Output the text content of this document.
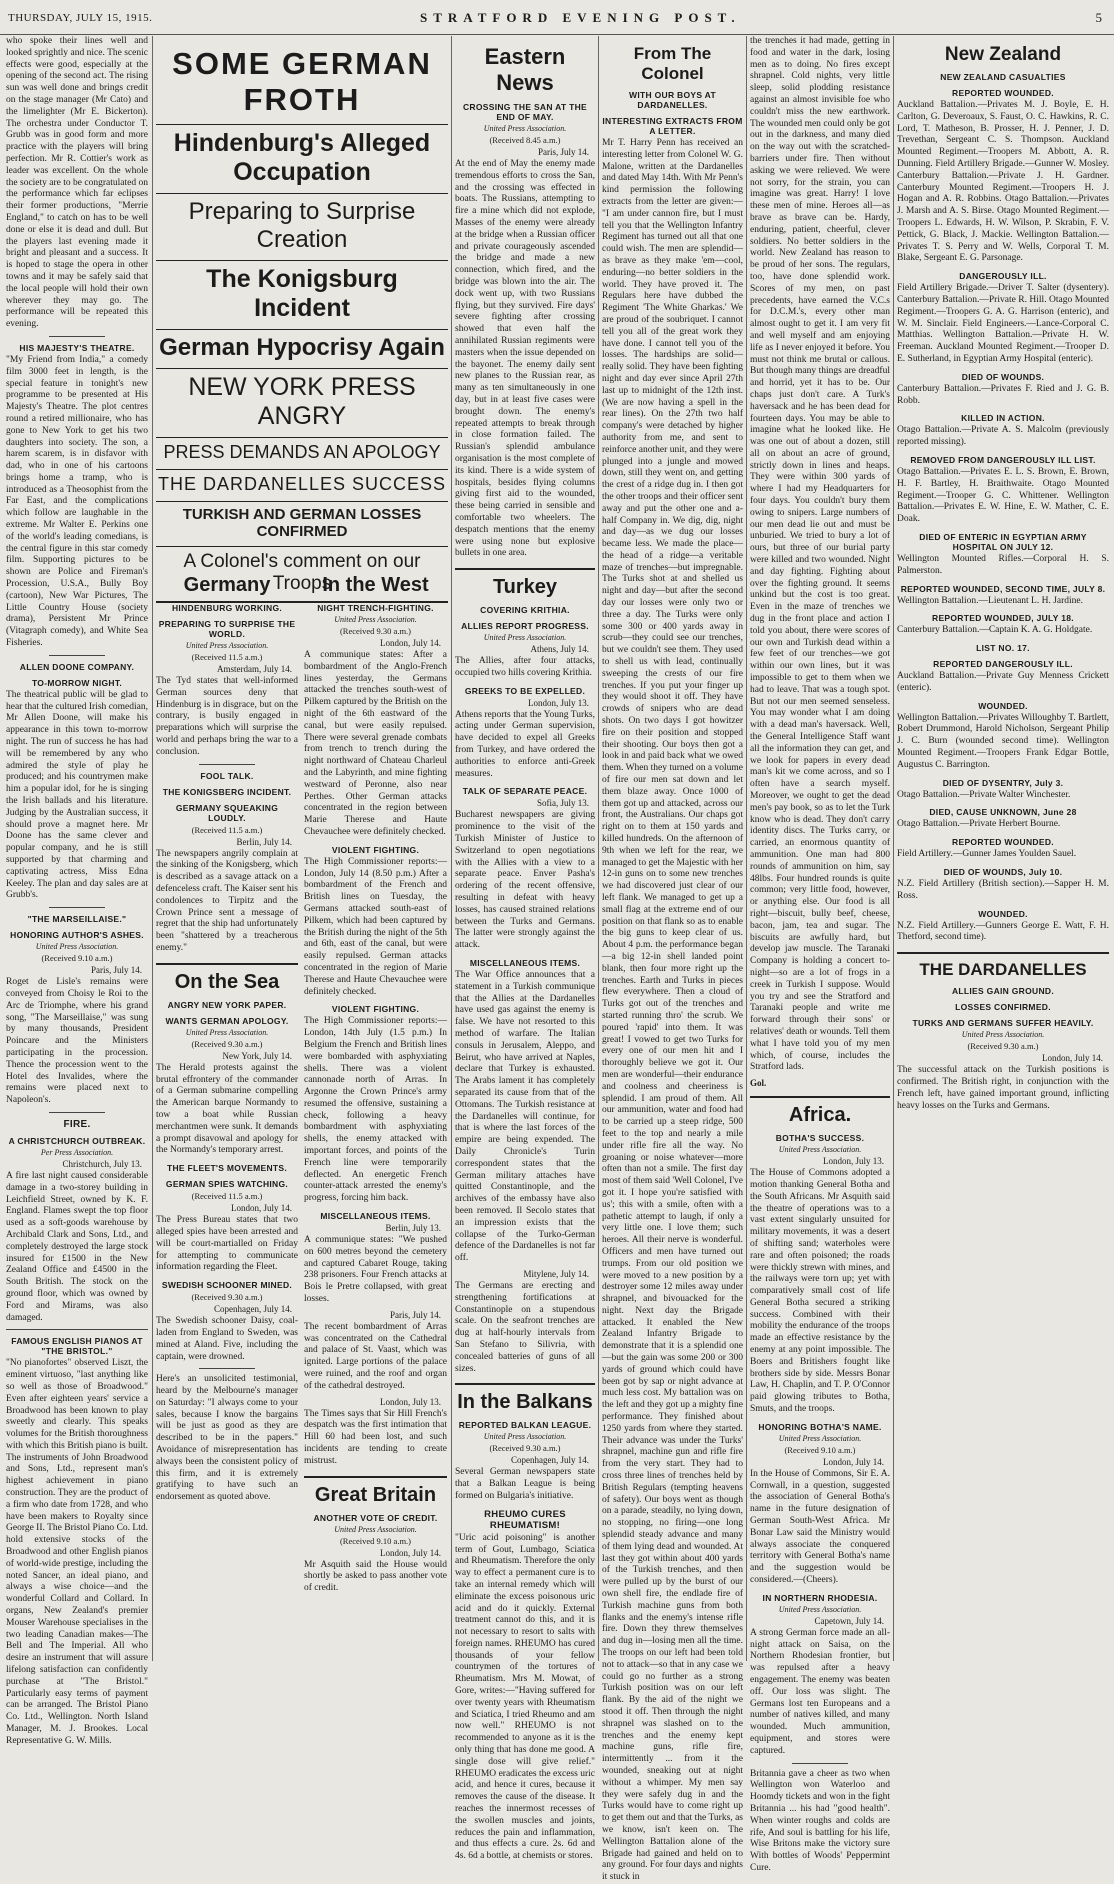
THURSDAY, JULY 15, 1915.	STRATFORD EVENING POST.	5

who spoke their lines well and looked sprightly and nice. The scenic effects were good, especially at the opening of the second act. The rising sun was well done and brings credit on the stage manager (Mr Cato) and the limelighter (Mr E. Bickerton). The orchestra under Conductor T. Grubb was in good form and more practice with the players will bring perfection. Mr R. Cottier's work as leader was excellent. On the whole the society are to be congratulated on the performance which far eclipses their former productions, "Merrie England," to catch on has to be well done or else it is dead and dull. But the players last evening made it bright and pleasant and a success. It is hoped to stage the opera in other towns and it may be safely said that the local people will hold their own wherever they may go. The performance will be repeated this evening.

HIS MAJESTY'S THEATRE.

"My Friend from India," a comedy film 3000 feet in length, is the special feature in tonight's new programme to be presented at His Majesty's Theatre. The plot centres round a retired millionaire, who has gone to New York to get his two daughters into society. The son, a harem scarem, is in disfavor with dad, who in one of his cartoons brings home a tramp, who is introduced as a Theosophist from the Far East, and the complications which follow are laughable in the extreme. Mr Walter E. Perkins one of the world's leading comedians, is the central figure in this star comedy film. Supporting pictures to be shown are Police and Fireman's Procession, U.S.A., Bully Boy (cartoon), New War Pictures, The Little Country House (society drama), Persistent Mr Prince (Vitagraph comedy), and White Sea Fisheries.

ALLEN DOONE COMPANY.
TO-MORROW NIGHT.

The theatrical public will be glad to hear that the cultured Irish comedian, Mr Allen Doone, will make his appearance in this town to-morrow night. The run of success he has had will be remembered by any who admired the style of play he produced; and his countrymen make him a popular idol, for he is singing the Irish ballads and his literature. Judging by the Australian success, it should prove a magnet here. Mr Doone has the same clever and popular company, and he is still supported by that charming and captivating actress, Miss Edna Keeley. The plan and day sales are at Grubb's.

"THE MARSEILLAISE."
HONORING AUTHOR'S ASHES.
United Press Association.
(Received 9.10 a.m.)
Paris, July 14.

Roget de Lisle's remains were conveyed from Choisy le Roi to the Arc de Triomphe, where his grand song, "The Marseillaise," was sung by many thousands, President Poincare and the Ministers participating in the procession. Thence the procession went to the Hotel des Invalides, where the remains were placed next to Napoleon's.

FIRE.
A CHRISTCHURCH OUTBREAK.
Per Press Association.
Christchurch, July 13.

A fire last night caused considerable damage in a two-storey building in Leichfield Street, owned by K. F. England. Flames swept the top floor used as a soft-goods warehouse by Archibald Clark and Sons, Ltd., and completely destroyed the large stock insured for £1500 in the New Zealand Office and £4500 in the South British. The stock on the ground floor, which was owned by Ford and Mirams, was also damaged.

FAMOUS ENGLISH PIANOS AT "THE BRISTOL."

"No pianofortes" observed Liszt, the eminent virtuoso, "last anything like so well as those of Broadwood." Even after eighteen years' service a Broadwood has been known to play sweetly and clearly. This speaks volumes for the British thoroughness with which this British piano is built. The instruments of John Broadwood and Sons, Ltd., represent man's highest achievement in piano construction. They are the product of a firm who date from 1728, and who have been makers to Royalty since George II. The Bristol Piano Co. Ltd. hold extensive stocks of the Broadwood and other English pianos of world-wide prestige, including the noted Sancer, an ideal piano, and always a wise choice—and the wonderful Collard and Collard. In organs, New Zealand's premier Mouser Warehouse specialises in the two leading Canadian makes—The Bell and The Imperial. All who desire an instrument that will assure lifelong satisfaction can confidently purchase at "The Bristol." Particularly easy terms of payment can be arranged. The Bristol Piano Co. Ltd., Wellington. North Island Manager, M. J. Brookes. Local Representative G. W. Mills.

SOME GERMAN FROTH
Hindenburg's Alleged Occupation
Preparing to Surprise Creation
The Konigsburg Incident
German Hypocrisy Again
NEW YORK PRESS ANGRY
PRESS DEMANDS AN APOLOGY
THE DARDANELLES SUCCESS
TURKISH AND GERMAN LOSSES CONFIRMED
A Colonel's comment on our Troops
Germany
HINDENBURG WORKING.
PREPARING TO SURPRISE THE WORLD.
United Press Association.
(Received 11.5 a.m.)
Amsterdam, July 14.

The Tyd states that well-informed German sources deny that Hindenburg is in disgrace, but on the contrary, is busily engaged in preparations which will surprise the world and perhaps bring the war to a conclusion.

FOOL TALK.
THE KONIGSBERG INCIDENT.
GERMANY SQUEAKING LOUDLY.
(Received 11.5 a.m.)
Berlin, July 14.

The newspapers angrily complain at the sinking of the Konigsberg, which is described as a savage attack on a defenceless craft. The Kaiser sent his condolences to Tirpitz and the Crown Prince sent a message of regret that the ship had unfortunately been "shattered by a treacherous enemy."

On the Sea
ANGRY NEW YORK PAPER.
WANTS GERMAN APOLOGY.
United Press Association.
(Received 9.30 a.m.)
New York, July 14.

The Herald protests against the brutal effrontery of the commander of a German submarine compelling the American barque Normandy to tow a boat while Russian merchantmen were sunk. It demands a prompt disavowal and apology for the Normandy's temporary arrest.

THE FLEET'S MOVEMENTS.
GERMAN SPIES WATCHING.
(Received 11.5 a.m.)
London, July 14.

The Press Bureau states that two alleged spies have been arrested and will be court-martialled on Friday for attempting to communicate information regarding the Fleet.

SWEDISH SCHOONER MINED.
(Received 9.30 a.m.)
Copenhagen, July 14.

The Swedish schooner Daisy, coal-laden from England to Sweden, was mined at Aland. Five, including the captain, were drowned.

Here's an unsolicited testimonial, heard by the Melbourne's manager on Saturday: "I always come to your sales, because I know the bargains will be just as good as they are described to be in the papers." Avoidance of misrepresentation has always been the consistent policy of this firm, and it is extremely gratifying to have such an endorsement as quoted above.

In the West
NIGHT TRENCH-FIGHTING.
United Press Association.
(Received 9.30 a.m.)
London, July 14.

A communique states: After a bombardment of the Anglo-French lines yesterday, the Germans attacked the trenches south-west of Pilkem captured by the British on the night of the 6th eastward of the canal, but were easily repulsed. There were several grenade combats from trench to trench during the night northward of Chateau Charleul and the Labyrinth, and mine fighting westward of Peronne, also near Perthes. Other German attacks concentrated in the region between Marie Therese and Haute Chevauchee were definitely checked.

VIOLENT FIGHTING.

The High Commissioner reports:— London, July 14 (8.50 p.m.) After a bombardment of the French and British lines on Tuesday, the Germans attacked south-east of Pilkem, which had been captured by the British during the night of the 5th and 6th, east of the canal, but were easily repulsed. German attacks concentrated in the region of Marie Therese and Haute Chevauchee were definitely checked.

VIOLENT FIGHTING.

The High Commissioner reports:— London, 14th July (1.5 p.m.) In Belgium the French and British lines were bombarded with asphyxiating shells. There was a violent cannonade north of Arras. In Argonne the Crown Prince's army resumed the offensive, sustaining a check, following a heavy bombardment with asphyxiating shells, the enemy attacked with important forces, and points of the French line were temporarily deflected. An energetic French counter-attack arrested the enemy's progress, forcing him back.

MISCELLANEOUS ITEMS.
Berlin, July 13.

A communique states: "We pushed on 600 metres beyond the cemetery and captured Cabaret Rouge, taking 238 prisoners. Four French attacks at Bois le Pretre collapsed, with great losses.

Paris, July 14.

The recent bombardment of Arras was concentrated on the Cathedral and palace of St. Vaast, which was ignited. Large portions of the palace were ruined, and the roof and organ of the cathedral destroyed.

London, July 13.

The Times says that Sir Hill French's despatch was the first intimation that Hill 60 had been lost, and such incidents are tending to create mistrust.

Great Britain
ANOTHER VOTE OF CREDIT.
United Press Association.
(Received 9.10 a.m.)
London, July 14.

Mr Asquith said the House would shortly be asked to pass another vote of credit.

Eastern News
CROSSING THE SAN AT THE END OF MAY.
United Press Association.
(Received 8.45 a.m.)
Paris, July 14.

At the end of May the enemy made tremendous efforts to cross the San, and the crossing was effected in boats. The Russians, attempting to fire a mine which did not explode, Masses of the enemy were already at the bridge when a Russian officer and private courageously ascended the bridge and made a new connection, which fired, and the bridge was blown into the air. The dock went up, with two Russians flying, but they survived. Fire days' severe fighting after crossing showed that even half the annihilated Russian regiments were masters when the issue depended on the bayonet. The enemy daily sent new planes to the Russian rear, as many as ten simultaneously in one day, but in at least five cases were brought down. The enemy's repeated attempts to break through in close formation failed. The Russian's splendid ambulance organisation is the most complete of its kind. There is a wide system of hospitals, besides flying columns giving first aid to the wounded, these being carried in sensible and comfortable two wheelers. The despatch mentions that the enemy were using none but explosive bullets in one area.

Turkey
COVERING KRITHIA.
ALLIES REPORT PROGRESS.
United Press Association.
Athens, July 14.

The Allies, after four attacks, occupied two hills covering Krithia.

GREEKS TO BE EXPELLED.
London, July 13.

Athens reports that the Young Turks, acting under German supervision, have decided to expel all Greeks from Turkey, and have ordered the authorities to enforce anti-Greek measures.

TALK OF SEPARATE PEACE.
Sofia, July 13.

Bucharest newspapers are giving prominence to the visit of the Turkish Minister of Justice to Switzerland to open negotiations with the Allies with a view to a separate peace. Enver Pasha's ordering of the recent offensive, resulting in defeat with heavy losses, has caused strained relations between the Turks and Germans. The latter were strongly against the attack.

MISCELLANEOUS ITEMS.

The War Office announces that a statement in a Turkish communique that the Allies at the Dardanelles have used gas against the enemy is false. We have not resorted to this method of warfare. The Italian consuls in Jerusalem, Aleppo, and Beirut, who have arrived at Naples, declare that Turkey is exhausted. The Arabs lament it has completely separated its cause from that of the Ottomans. The Turkish resistance at the Dardanelles will continue, for that is where the last forces of the empire are being expended. The Daily Chronicle's Turin correspondent states that the German military attaches have quitted Constantinople, and the archives of the embassy have also been removed. Il Secolo states that an impression exists that the collapse of the Turko-German defence of the Dardanelles is not far off.

Mitylene, July 14.

The Germans are erecting and strengthening fortifications at Constantinople on a stupendous scale. On the seafront trenches are dug at half-hourly intervals from San Stefano to Silivria, with concealed batteries of guns of all sizes.

In the Balkans
REPORTED BALKAN LEAGUE.
United Press Association.
(Received 9.30 a.m.)
Copenhagen, July 14.

Several German newspapers state that a Balkan League is being formed on Bulgaria's initiative.

RHEUMO CURES RHEUMATISM!

"Uric acid poisoning" is another term of Gout, Lumbago, Sciatica and Rheumatism. Therefore the only way to effect a permanent cure is to take an internal remedy which will eliminate the excess poisonous uric acid and do it quickly. External treatment cannot do this, and it is not necessary to resort to salts with foreign names. RHEUMO has cured thousands of your fellow countrymen of the tortures of Rheumatism. Mrs M. Mowat, of Gore, writes:—"Having suffered for over twenty years with Rheumatism and Sciatica, I tried Rheumo and am now well." RHEUMO is not recommended to anyone as it is the only thing that has done me good. A single dose will give relief." RHEUMO eradicates the excess uric acid, and hence it cures, because it removes the cause of the disease. It reaches the innermost recesses of the swollen muscles and joints, reduces the pain and inflammation, and thus effects a cure. 2s. 6d and 4s. 6d a bottle, at chemists or stores.

From The Colonel
WITH OUR BOYS AT DARDANELLES.
INTERESTING EXTRACTS FROM A LETTER.

Mr T. Harry Penn has received an interesting letter from Colonel W. G. Malone, written at the Dardanelles and dated May 14th. With Mr Penn's kind permission the following extracts from the letter are given:— "I am under cannon fire, but I must tell you that the Wellington Infantry Regiment has turned out all that one could wish. The men are splendid—as brave as they make 'em—cool, enduring—no better soldiers in the world. They have proved it. The Regulars here have dubbed the Regiment 'The White Gharkas.' We are proud of the soubriquet. I cannot tell you all of the great work they have done. I cannot tell you of the losses. The hardships are solid—really solid. They have been fighting night and day ever since April 27th last up to midnight of the 12th inst. (We are now having a spell in the rear lines). On the 27th two half company's were detached by higher authority from me, and sent to reinforce another unit, and they were plunged into a jungle and mowed down, still they went on, and getting the crest of a ridge dug in. I then got the other troops and their officer sent away and put the other one and a-half Company in. We dig, dig, night and day—as we dug our losses became less. We made the place—the head of a ridge—a veritable maze of trenches—but impregnable. The Turks shot at and shelled us night and day—but after the second day our losses were only two or three a day. The Turks were only some 300 or 400 yards away in scrub—they could see our trenches, but we couldn't see them. They used to shell us with lead, continually sweeping the crests of our fire trenches. If you put your finger up they would shoot it off. They have crowds of snipers who are dead shots. On two days I got howitzer fire on their position and stopped their shooting. Our boys then got a look in and paid back what we owed them. When they turned on a volume of fire our men sat down and let them blaze away. Once 1000 of them got up and attacked, across our front, the Australians. Our chaps got right on to them at 150 yards and killed hundreds. On the afternoon of 9th when we left for the rear, we managed to get the Majestic with her 12-in guns on to some new trenches we had discovered just clear of our left flank. We managed to get up a small flag at the extreme end of our position on that flank so as to enable the big guns to keep clear of us. About 4 p.m. the performance began—a big 12-in shell landed point blank, then four more right up the trenches. Earth and Turks in pieces flew everywhere. Then a cloud of Turks got out of the trenches and started running thro' the scrub. We poured 'rapid' into them. It was great! I vowed to get two Turks for every one of our men hit and I thoroughly believe we got it. Our men are wonderful—their endurance and coolness and cheeriness is splendid. I am proud of them. All our ammunition, water and food had to be carried up a steep ridge, 500 feet to the top and nearly a mile under rifle fire all the way. No groaning or noise whatever—more often than not a smile. The first day most of them said 'Well Colonel, I've got it. I hope you're satisfied with us'; this with a smile, often with a pathetic attempt to laugh, if only a very little one. I love them; such heroes. All their nerve is wonderful. Officers and men have turned out trumps. From our old position we were moved to a new position by a destroyer some 12 miles away under shrapnel, and bivouacked for the night. Next day the Brigade attacked. It enabled the New Zealand Infantry Brigade to demonstrate that it is a splendid one—but the gain was some 200 or 300 yards of ground which could have been got by sap or night advance at much less cost. My battalion was on the left and they got up a mighty fine performance. They finished about 1250 yards from where they started. Their advance was under the Turks' shrapnel, machine gun and rifle fire from the very start. They had to cross three lines of trenches held by British Regulars (tempting heavens of safety). Our boys went as though on a parade, steadily, no lying down, no stopping, no firing—one long splendid steady advance and many of them lying dead and wounded. At last they got within about 400 yards of the Turkish trenches, and then were pulled up by the burst of our own shell fire, the endlade fire of Turkish machine guns from both flanks and the enemy's intense rifle fire. Down they threw themselves and dug in—losing men all the time. The troops on our left had been told not to attack—so that in any case we could go no further as a strong Turkish position was on our left flank. By the aid of the night we stood it off. Then through the night shrapnel was slashed on to the trenches and the enemy kept machine guns, rifle fire, intermittently ... from it the wounded, sneaking out at night without a whimper. My men say they were safely dug in and the Turks would have to come right up to get them out and that the Turks, as we know, isn't keen on. The Wellington Battalion alone of the Brigade had gained and held on to any ground. For four days and nights it stuck in

the trenches it had made, getting in food and water in the dark, losing men as to doing. No fires except shrapnel. Cold nights, very little sleep, solid plodding resistance against an almost invisible foe who couldn't miss the new earthwork. The wounded men could only be got out in the darkness, and many died on the way out with the scratched-barriers under fire. Then without asking we were relieved. We were not sorry, for the strain, you can imagine was great. Harry! I love these men of mine. Heroes all—as brave as brave can be. Hardy, enduring, patient, cheerful, clever soldiers. No better soldiers in the world. New Zealand has reason to be proud of her sons. The regulars, too, have done splendid work. Scores of my men, on past precedents, have earned the V.C.s for D.C.M.'s, every other man almost ought to get it. I am very fit and well myself and am enjoying life as I never enjoyed it before. You must not think me brutal or callous. But though many things are dreadful and horrid, yet it has to be. Our chaps just don't care. A Turk's haversack and he has been dead for fourteen days. You may be able to imagine what he looked like. He was one out of about a dozen, still all on about an acre of ground, strictly down in lines and heaps. They were within 300 yards of where I had my Headquarters for four days. You couldn't bury them owing to snipers. Large numbers of our men dead lie out and must be unburied. We tried to bury a lot of ours, but three of our burial party were killed and two wounded. Night and day fighting. Fighting about over the fighting ground. It seems unkind but the cost is too great. Even in the maze of trenches we dug in the front place and action I told you about, there were scores of our own and Turkish dead within a few feet of our trenches—we got within our own lines, but it was impossible to get to them when we had to leave. That was a tough spot. But not our men seemed senseless. You may wonder what I am doing with a dead man's haversack. Well, the General Intelligence Staff want all the information they can get, and we look for papers in every dead man's kit we come across, and so I often have a search myself. Moreover, we ought to get the dead men's pay book, so as to let the Turk know who is dead. They don't carry identity discs. The Turks carry, or carried, an enormous quantity of ammunition. One man had 800 rounds of ammunition on him, say 48lbs. Four hundred rounds is quite common; very little food, however, or anything else. Our food is all right—biscuit, bully beef, cheese, bacon, jam, tea and sugar. The biscuits are awfully hard, but develop jaw muscle. The Taranaki Company is holding a concert to-night—so are a lot of frogs in a creek in Turkish I suppose. Would you try and see the Stratford and Taranaki people and write me forward through their sons' or relatives' death or wounds. Tell them what I have told you of my men which, of course, includes the Stratford lads.

Gol.
Africa.
BOTHA'S SUCCESS.
United Press Association.
London, July 13.

The House of Commons adopted a motion thanking General Botha and the South Africans. Mr Asquith said the theatre of operations was to a vast extent singularly unsuited for military movements, it was a desert of shifting sand; waterholes were rare and often poisoned; the roads were thickly strewn with mines, and the railways were torn up; yet with comparatively small cost of life General Botha secured a striking success. Combined with their mobility the endurance of the troops made an effective resistance by the enemy at any point impossible. The Boers and Britishers fought like brothers side by side. Messrs Bonar Law, H. Chaplin, and T. P. O'Connor paid glowing tributes to Botha, Smuts, and the troops.

HONORING BOTHA'S NAME.
United Press Association.
(Received 9.10 a.m.)
London, July 14.

In the House of Commons, Sir E. A. Cornwall, in a question, suggested the association of General Botha's name in the future designation of German South-West Africa. Mr Bonar Law said the Ministry would always associate the conquered territory with General Botha's name and the suggestion would be considered.—(Cheers).

IN NORTHERN RHODESIA.
United Press Association.
Capetown, July 14.

A strong German force made an all-night attack on Saisa, on the Northern Rhodesian frontier, but was repulsed after a heavy engagement. The enemy was beaten off. Our loss was slight. The Germans lost ten Europeans and a number of natives killed, and many wounded. Much ammunition, equipment, and stores were captured.

Britannia gave a cheer as two when Wellington won Waterloo and Hoomdy tickets and won in the fight Britannia ... his had "good health". When winter roughs and colds are rife, And soul is battling for his life, Wise Britons make the victory sure With bottles of Woods' Peppermint Cure.

New Zealand
NEW ZEALAND CASUALTIES
REPORTED WOUNDED.

Auckland Battalion.—Privates M. J. Boyle, E. H. Carlton, G. Deveroaux, S. Faust, O. C. Hawkins, R. C. Lord, T. Matheson, B. Prosser, H. J. Penner, J. D. Trevethan, Sergeant C. S. Thompson. Auckland Mounted Regiment.—Troopers M. Abbott, A. R. Dunning. Field Artillery Brigade.—Gunner W. Mosley. Canterbury Battalion.—Private J. H. Gardner. Canterbury Mounted Regiment.—Troopers H. J. Hogan and A. R. Robbins. Otago Battalion.—Privates J. Marsh and A. S. Birse. Otago Mounted Regiment.—Troopers L. Edwards, H. W. Wilson, P. Skrabin, F. V. Pettick, G. Black, J. Mackie. Wellington Battalion.—Privates T. S. Perry and W. Wells, Corporal T. M. Blake, Sergeant E. G. Parsonage.

DANGEROUSLY ILL.

Field Artillery Brigade.—Driver T. Salter (dysentery). Canterbury Battalion.—Private R. Hill. Otago Mounted Regiment.—Troopers G. A. G. Harrison (enteric), and W. M. Sinclair. Field Engineers.—Lance-Corporal C. Matthias. Wellington Battalion.—Private H. W. Freeman. Auckland Mounted Regiment.—Trooper D. E. Sutherland, in Egyptian Army Hospital (enteric).

DIED OF WOUNDS.

Canterbury Battalion.—Privates F. Ried and J. G. B. Robb.

KILLED IN ACTION.

Otago Battalion.—Private A. S. Malcolm (previously reported missing).

REMOVED FROM DANGEROUSLY ILL LIST.

Otago Battalion.—Privates E. L. S. Brown, E. Brown, H. F. Bartley, H. Braithwaite. Otago Mounted Regiment.—Trooper G. C. Whittener. Wellington Battalion.—Privates E. W. Hine, E. W. Mather, C. E. Doak.

DIED OF ENTERIC IN EGYPTIAN ARMY HOSPITAL ON JULY 12.

Wellington Mounted Rifles.—Corporal H. S. Palmerston.

REPORTED WOUNDED, SECOND TIME, JULY 8.

Wellington Battalion.—Lieutenant L. H. Jardine.

REPORTED WOUNDED, JULY 18.

Canterbury Battalion.—Captain K. A. G. Holdgate.

LIST NO. 17.
REPORTED DANGEROUSLY ILL.

Auckland Battalion.—Private Guy Menness Crickett (enteric).

WOUNDED.

Wellington Battalion.—Privates Willoughby T. Bartlett, Robert Drummond, Harold Nicholson, Sergeant Philip J. C. Burn (wounded second time). Wellington Mounted Regiment.—Troopers Frank Edgar Bottle, Augustus C. Barrington.

DIED OF DYSENTRY, July 3.

Otago Battalion.—Private Walter Winchester.

DIED, CAUSE UNKNOWN, June 28

Otago Battalion.—Private Herbert Bourne.

REPORTED WOUNDED.

Field Artillery.—Gunner James Youlden Sauel.

DIED OF WOUNDS, July 10.

N.Z. Field Artillery (British section).—Sapper H. M. Ross.

WOUNDED.

N.Z. Field Artillery.—Gunners George E. Watt, F. H. Thetford, second time).

THE DARDANELLES
ALLIES GAIN GROUND.
LOSSES CONFIRMED.
TURKS AND GERMANS SUFFER HEAVILY.
United Press Association.
(Received 9.30 a.m.)
London, July 14.

The successful attack on the Turkish positions is confirmed. The British right, in conjunction with the French left, have gained important ground, inflicting heavy losses on the Turks and Germans.
